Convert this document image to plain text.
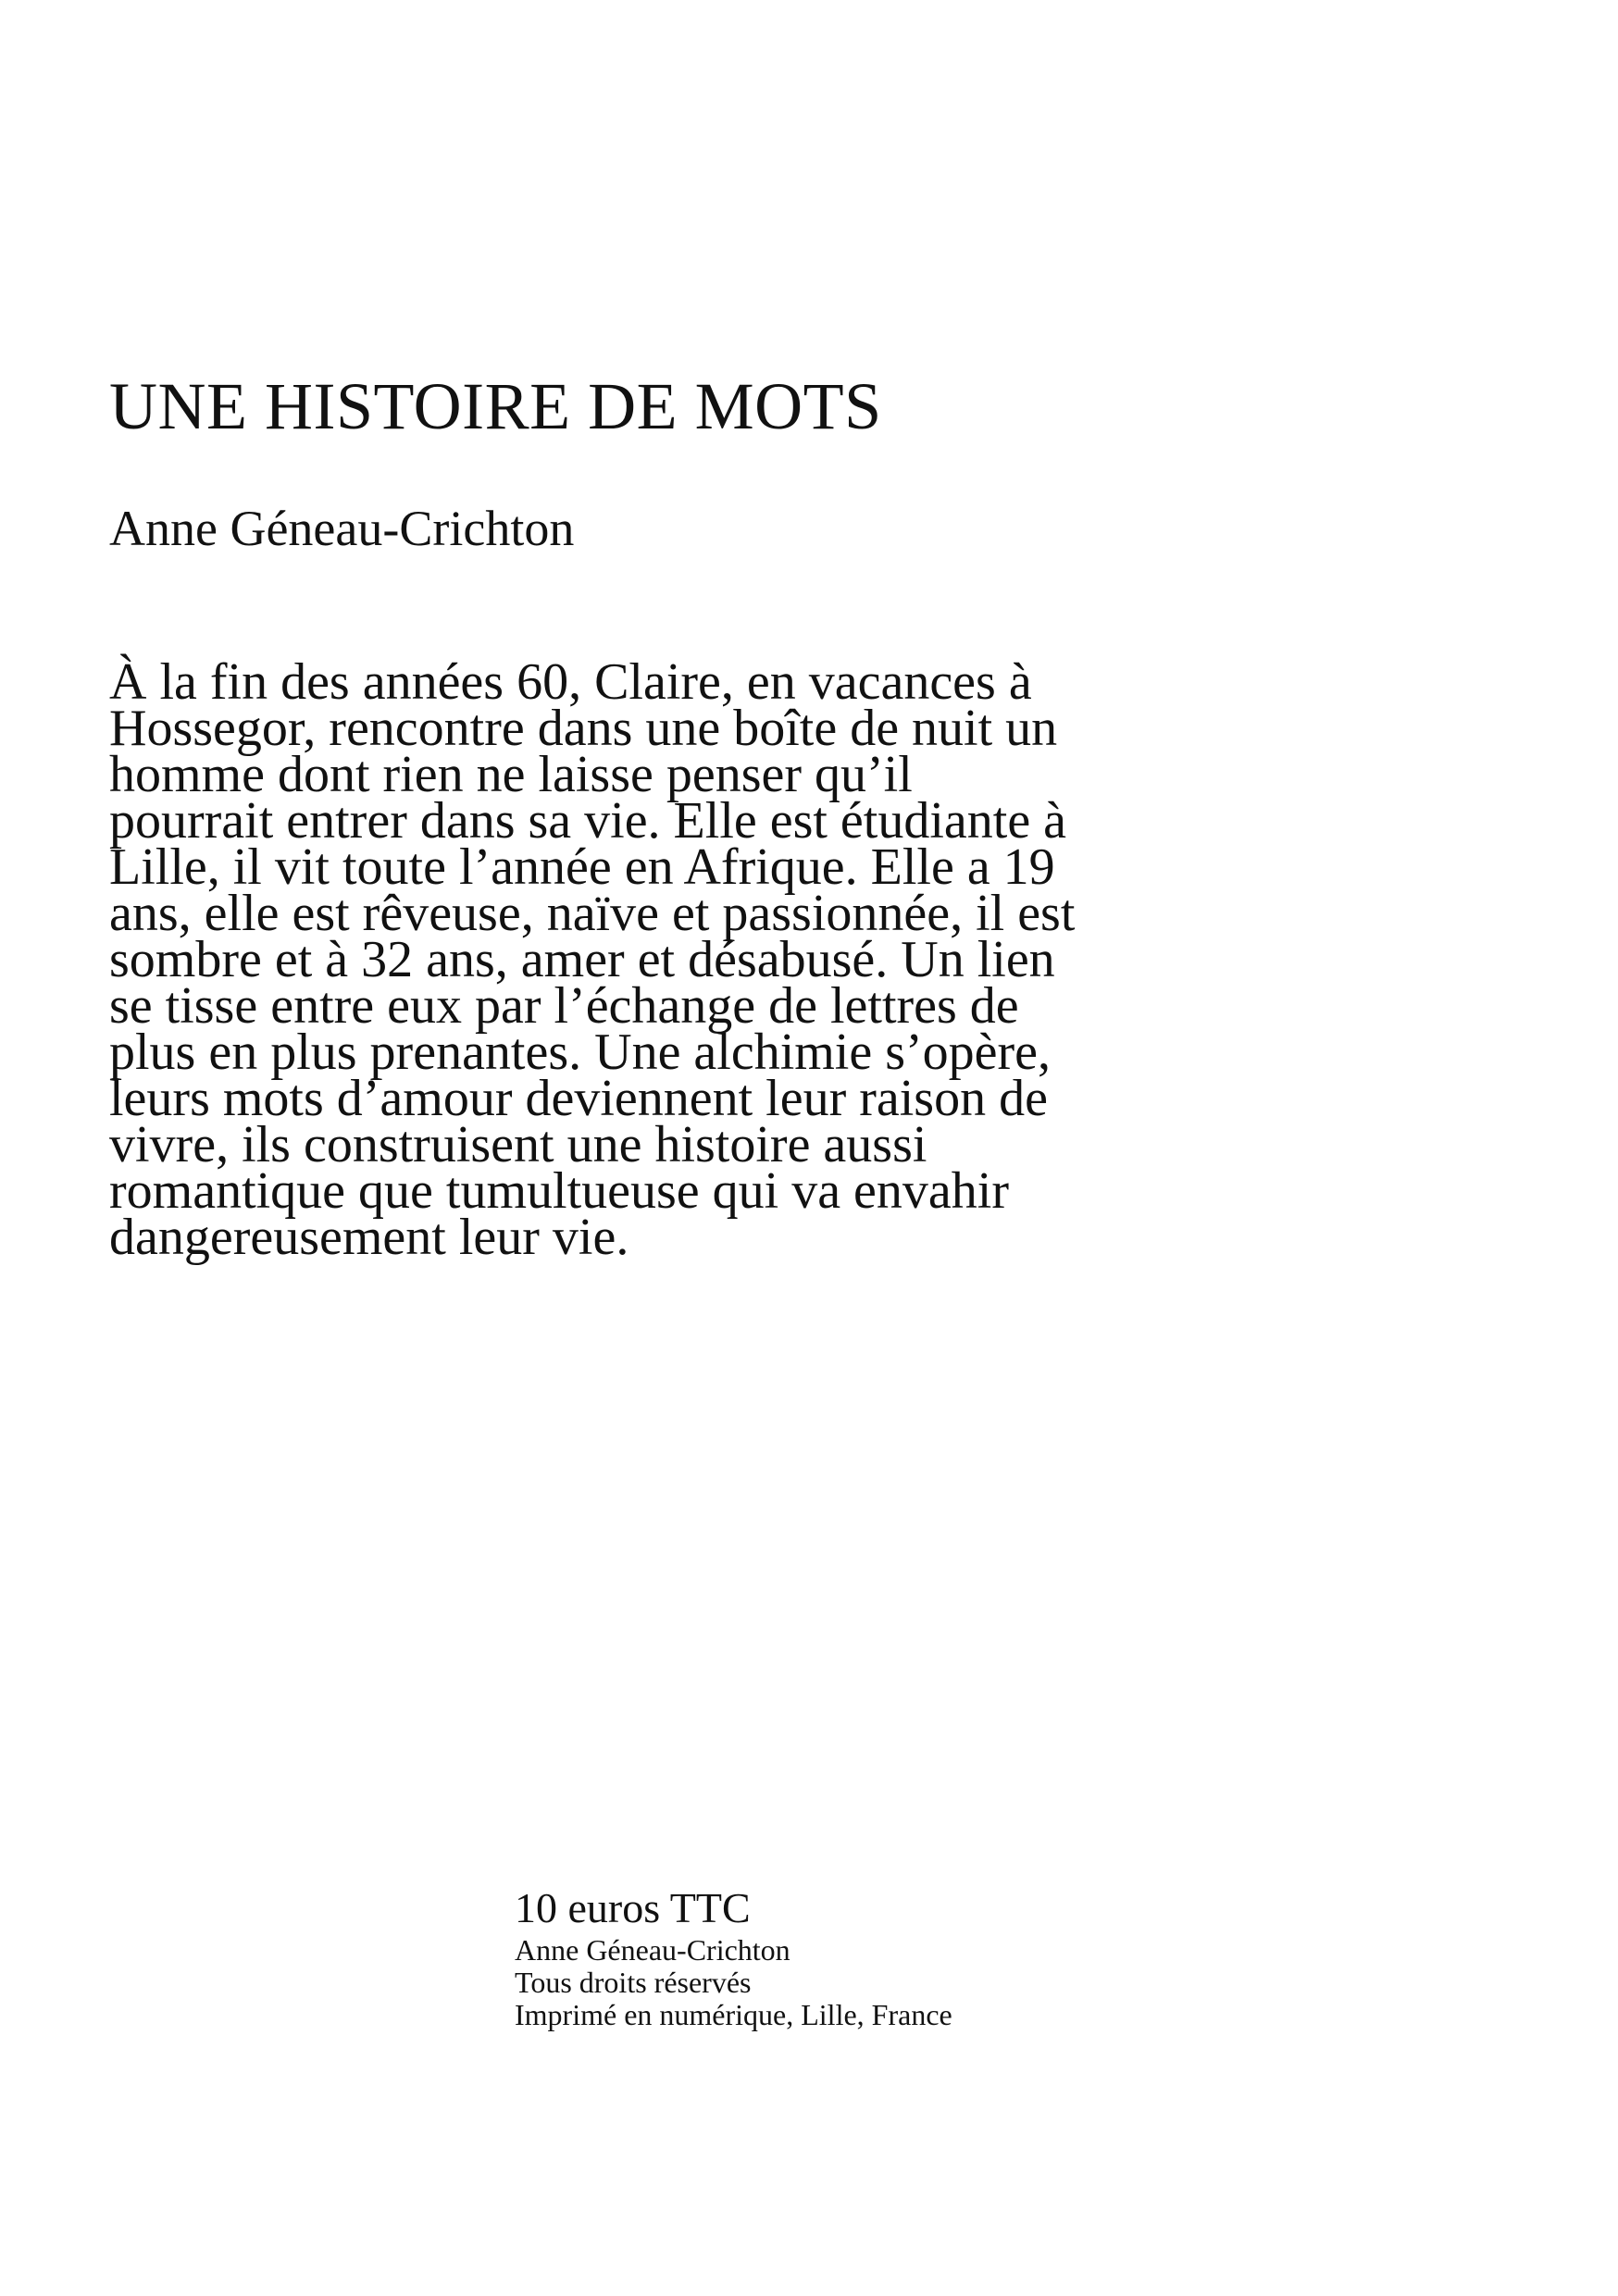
UNE HISTOIRE DE MOTS
Anne Géneau-Crichton
À la fin des années 60, Claire, en vacances à
Hossegor, rencontre dans une boîte de nuit un
homme dont rien ne laisse penser qu’il
pourrait entrer dans sa vie. Elle est étudiante à
Lille, il vit toute l’année en Afrique. Elle a 19
ans, elle est rêveuse, naïve et passionnée, il est
sombre et à 32 ans, amer et désabusé. Un lien
se tisse entre eux par l’échange de lettres de
plus en plus prenantes. Une alchimie s’opère,
leurs mots d’amour deviennent leur raison de
vivre, ils construisent une histoire aussi
romantique que tumultueuse qui va envahir
dangereusement leur vie.
10 euros TTC
Anne Géneau-Crichton
Tous droits réservés
Imprimé en numérique, Lille, France
